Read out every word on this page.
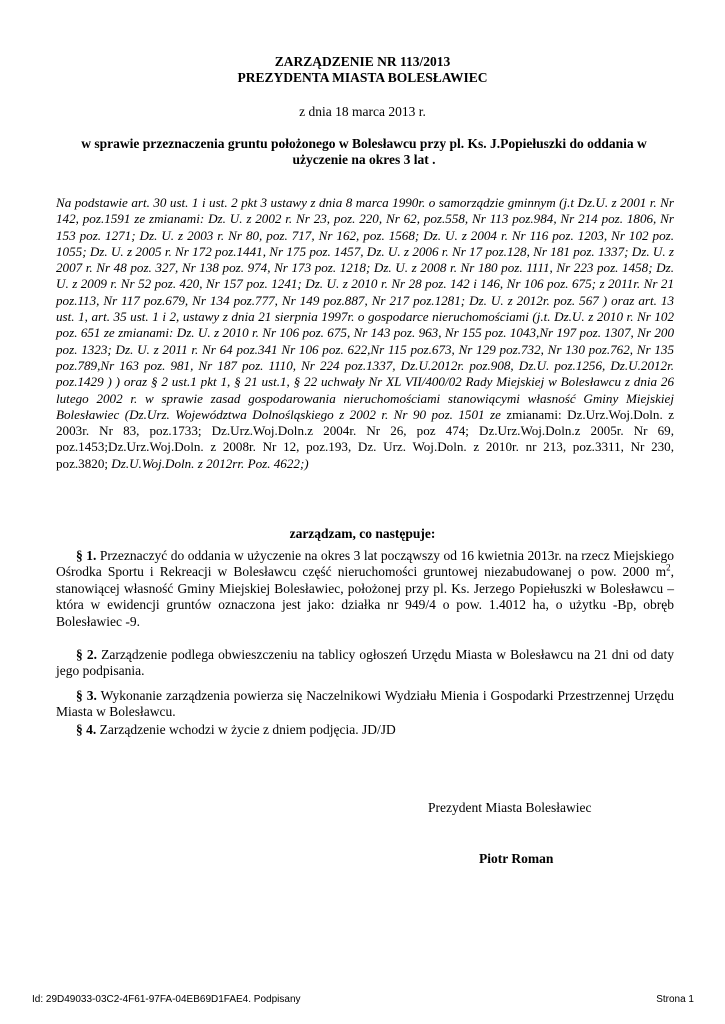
ZARZĄDZENIE NR 113/2013
PREZYDENTA MIASTA BOLESŁAWIEC
z dnia 18 marca 2013 r.
w sprawie przeznaczenia gruntu położonego w Bolesławcu przy pl. Ks. J.Popiełuszki do oddania w użyczenie na okres 3 lat .
Na podstawie art. 30 ust. 1 i ust. 2 pkt 3 ustawy z dnia 8 marca 1990r. o samorządzie gminnym (j.t Dz.U. z 2001 r. Nr 142, poz.1591 ze zmianami: Dz. U. z 2002 r. Nr 23, poz. 220, Nr 62, poz.558, Nr 113 poz.984, Nr 214 poz. 1806, Nr 153 poz. 1271; Dz. U. z 2003 r. Nr 80, poz. 717, Nr 162, poz. 1568; Dz. U. z 2004 r. Nr 116 poz. 1203, Nr 102 poz. 1055; Dz. U. z 2005 r. Nr 172 poz.1441, Nr 175 poz. 1457, Dz. U. z 2006 r. Nr 17 poz.128, Nr 181 poz. 1337; Dz. U. z 2007 r. Nr 48 poz. 327, Nr 138 poz. 974, Nr 173 poz. 1218; Dz. U. z 2008 r. Nr 180 poz. 1111, Nr 223 poz. 1458; Dz. U. z 2009 r. Nr 52 poz. 420, Nr 157 poz. 1241; Dz. U. z 2010 r. Nr 28 poz. 142 i 146, Nr 106 poz. 675; z 2011r. Nr 21 poz.113, Nr 117 poz.679, Nr 134 poz.777, Nr 149 poz.887, Nr 217 poz.1281; Dz. U. z 2012r. poz. 567 ) oraz art. 13 ust. 1, art. 35 ust. 1 i 2, ustawy z dnia 21 sierpnia 1997r. o gospodarce nieruchomościami (j.t. Dz.U. z 2010 r. Nr 102 poz. 651 ze zmianami: Dz. U. z 2010 r. Nr 106 poz. 675, Nr 143 poz. 963, Nr 155 poz. 1043,Nr 197 poz. 1307, Nr 200 poz. 1323; Dz. U. z 2011 r. Nr 64 poz.341 Nr 106 poz. 622,Nr 115 poz.673, Nr 129 poz.732, Nr 130 poz.762, Nr 135 poz.789,Nr 163 poz. 981, Nr 187 poz. 1110, Nr 224 poz.1337, Dz.U.2012r. poz.908, Dz.U. poz.1256, Dz.U.2012r. poz.1429 ) ) oraz § 2 ust.1 pkt 1, § 21 ust.1, § 22 uchwały Nr XL VII/400/02 Rady Miejskiej w Bolesławcu z dnia 26 lutego 2002 r. w sprawie zasad gospodarowania nieruchomościami stanowiącymi własność Gminy Miejskiej Bolesławiec (Dz.Urz. Województwa Dolnośląskiego z 2002 r. Nr 90 poz. 1501 ze zmianami: Dz.Urz.Woj.Doln. z 2003r. Nr 83, poz.1733; Dz.Urz.Woj.Doln.z 2004r. Nr 26, poz 474; Dz.Urz.Woj.Doln.z 2005r. Nr 69, poz.1453;Dz.Urz.Woj.Doln. z 2008r. Nr 12, poz.193, Dz. Urz. Woj.Doln. z 2010r. nr 213, poz.3311, Nr 230, poz.3820; Dz.U.Woj.Doln. z 2012rr. Poz. 4622;)
zarządzam, co następuje:
§ 1. Przeznaczyć do oddania w użyczenie na okres 3 lat począwszy od 16 kwietnia 2013r. na rzecz Miejskiego Ośrodka Sportu i Rekreacji w Bolesławcu część nieruchomości gruntowej niezabudowanej o pow. 2000 $m^2$, stanowiącej własność Gminy Miejskiej Bolesławiec, położonej przy pl. Ks. Jerzego Popiełuszki w Bolesławcu – która w ewidencji gruntów oznaczona jest jako: działka nr 949/4 o pow. 1.4012 ha, o użytku -Bp, obręb Bolesławiec -9.
§ 2. Zarządzenie podlega obwieszczeniu na tablicy ogłoszeń Urzędu Miasta w Bolesławcu na 21 dni od daty jego podpisania.
§ 3. Wykonanie zarządzenia powierza się Naczelnikowi Wydziału Mienia i Gospodarki Przestrzennej Urzędu Miasta w Bolesławcu.
§ 4. Zarządzenie wchodzi w życie z dniem podjęcia. JD/JD
Prezydent Miasta Bolesławiec
Piotr Roman
Id: 29D49033-03C2-4F61-97FA-04EB69D1FAE4. Podpisany	Strona 1
